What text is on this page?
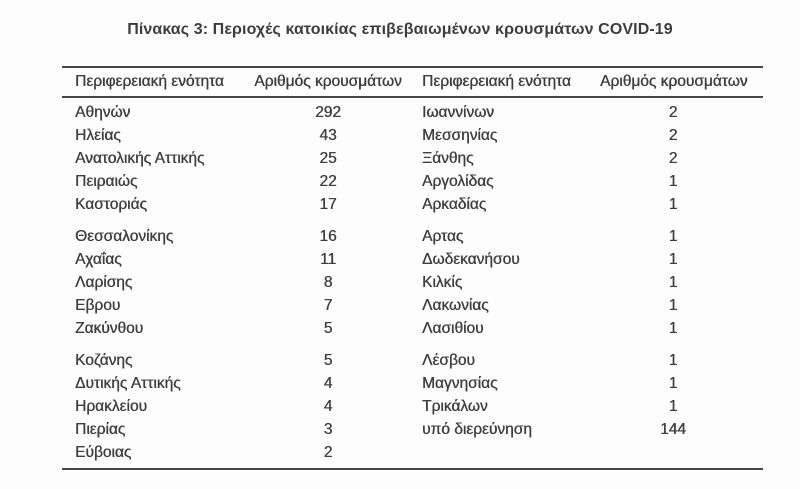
Πίνακας 3: Περιοχές κατοικίας επιβεβαιωμένων κρουσμάτων COVID-19
Περιφερειακή ενότητα	Αριθμός κρουσμάτων	Περιφερειακή ενότητα	Αριθμός κρουσμάτων
Αθηνών	292	Ιωαννίνων	2
Ηλείας	43	Μεσσηνίας	2
Ανατολικής Αττικής	25	Ξάνθης	2
Πειραιώς	22	Αργολίδας	1
Καστοριάς	17	Αρκαδίας	1
Θεσσαλονίκης	16	Αρτας	1
Αχαΐας	11	Δωδεκανήσου	1
Λαρίσης	8	Κιλκίς	1
Εβρου	7	Λακωνίας	1
Ζακύνθου	5	Λασιθίου	1
Κοζάνης	5	Λέσβου	1
Δυτικής Αττικής	4	Μαγνησίας	1
Ηρακλείου	4	Τρικάλων	1
Πιερίας	3	υπό διερεύνηση	144
Εύβοιας	2
